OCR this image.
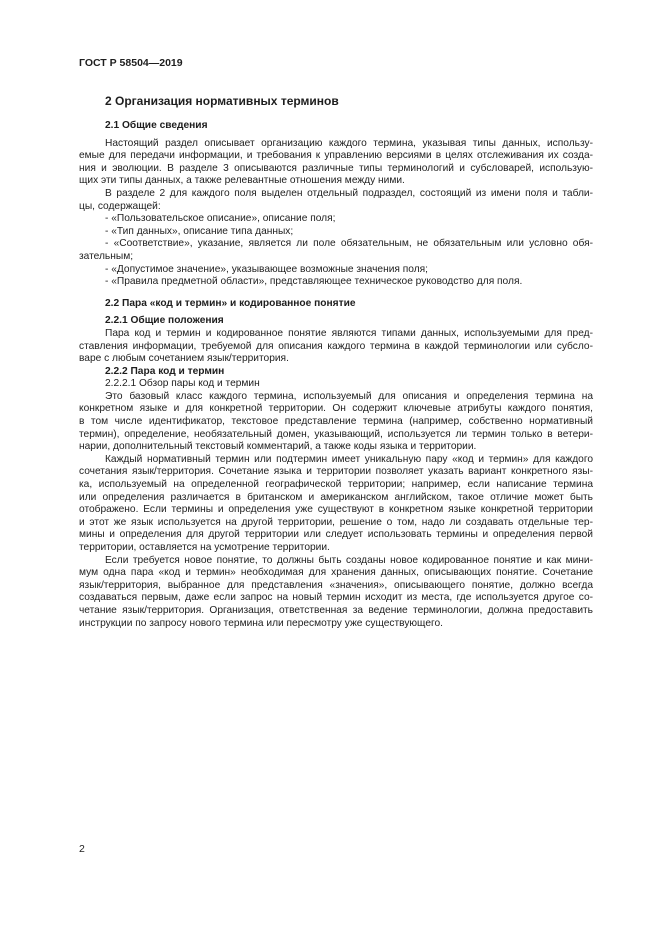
ГОСТ Р 58504—2019
2 Организация нормативных терминов
2.1 Общие сведения
Настоящий раздел описывает организацию каждого термина, указывая типы данных, использу-
емые для передачи информации, и требования к управлению версиями в целях отслеживания их созда-
ния и эволюции. В разделе 3 описываются различные типы терминологий и субсловарей, использую-
щих эти типы данных, а также релевантные отношения между ними.
В разделе 2 для каждого поля выделен отдельный подраздел, состоящий из имени поля и табли-
цы, содержащей:
- «Пользовательское описание», описание поля;
- «Тип данных», описание типа данных;
- «Соответствие», указание, является ли поле обязательным, не обязательным или условно обя-
зательным;
- «Допустимое значение», указывающее возможные значения поля;
- «Правила предметной области», представляющее техническое руководство для поля.
2.2 Пара «код и термин» и кодированное понятие
2.2.1 Общие положения
Пара код и термин и кодированное понятие являются типами данных, используемыми для пред-
ставления информации, требуемой для описания каждого термина в каждой терминологии или субсло-
варе с любым сочетанием язык/территория.
2.2.2 Пара код и термин
2.2.2.1 Обзор пары код и термин
Это базовый класс каждого термина, используемый для описания и определения термина на
конкретном языке и для конкретной территории. Он содержит ключевые атрибуты каждого понятия,
в том числе идентификатор, текстовое представление термина (например, собственно нормативный
термин), определение, необязательный домен, указывающий, используется ли термин только в ветери-
нарии, дополнительный текстовый комментарий, а также коды языка и территории.
Каждый нормативный термин или подтермин имеет уникальную пару «код и термин» для каждого
сочетания язык/территория. Сочетание языка и территории позволяет указать вариант конкретного язы-
ка, используемый на определенной географической территории; например, если написание термина
или определения различается в британском и американском английском, такое отличие может быть
отображено. Если термины и определения уже существуют в конкретном языке конкретной территории
и этот же язык используется на другой территории, решение о том, надо ли создавать отдельные тер-
мины и определения для другой территории или следует использовать термины и определения первой
территории, оставляется на усмотрение территории.
Если требуется новое понятие, то должны быть созданы новое кодированное понятие и как мини-
мум одна пара «код и термин» необходимая для хранения данных, описывающих понятие. Сочетание
язык/территория, выбранное для представления «значения», описывающего понятие, должно всегда
создаваться первым, даже если запрос на новый термин исходит из места, где используется другое со-
четание язык/территория. Организация, ответственная за ведение терминологии, должна предоставить
инструкции по запросу нового термина или пересмотру уже существующего.
2
